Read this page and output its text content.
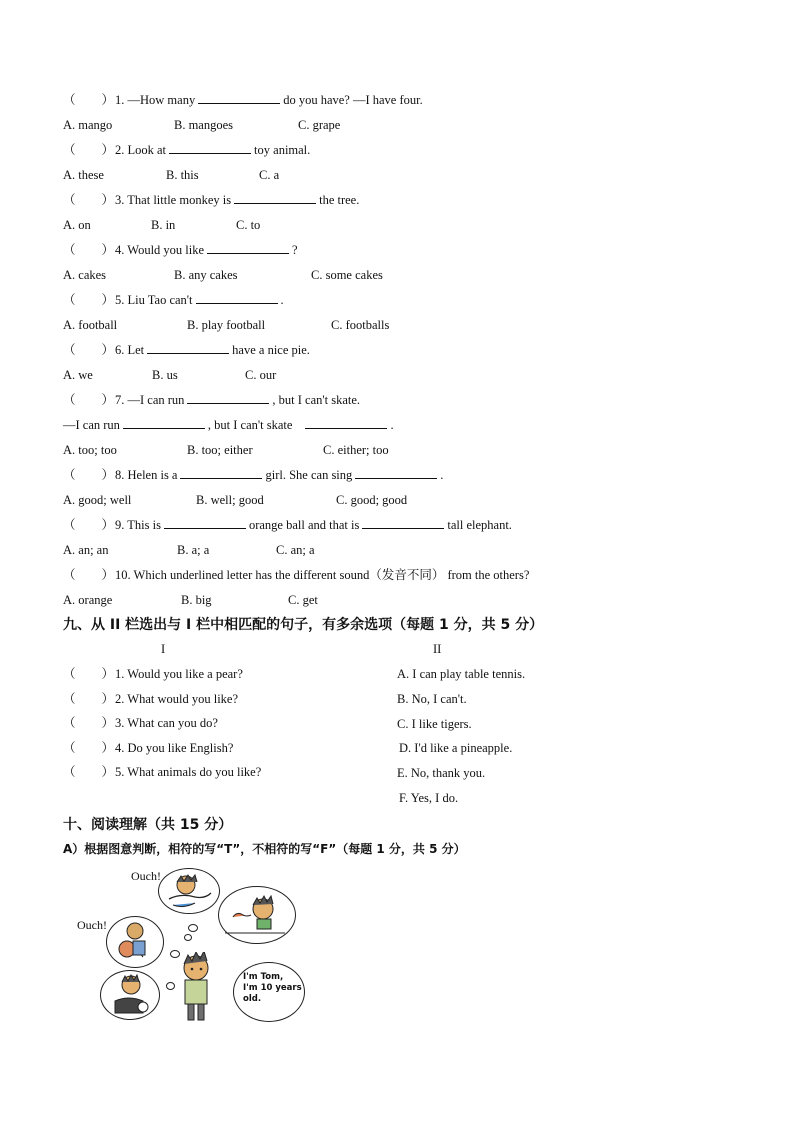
（ ）1. —How many	do you have? —I have four.
A. mango	B. mangoes	C. grape
（ ）2. Look at	toy animal.
A. these	B. this	C. a
（ ）3. That little monkey is	the tree.
A. on	B. in	C. to
（ ）4. Would you like	?
A. cakes	B. any cakes	C. some cakes
（ ）5. Liu Tao can't	.
A. football	B. play football	C. footballs
（ ）6. Let	have a nice pie.
A. we	B. us	C. our
（ ）7. —I can run	, but I can't skate.
—I can run	, but I can't skate	.
A. too; too	B. too; either	C. either; too
（ ）8. Helen is a	girl. She can sing	.
A. good; well	B. well; good	C. good; good
（ ）9. This is	orange ball and that is	tall elephant.
A. an; an	B. a; a	C. an; a
（ ）10. Which underlined letter has the different sound（发音不同） from the others?
A. orange	B. big	C. get
九、从 II 栏选出与 I 栏中相匹配的句子，有多余选项（每题 1 分，共 5 分）
I	II
（ ）1. Would you like a pear?
（ ）2. What would you like?
（ ）3. What can you do?
（ ）4. Do you like English?
（ ）5. What animals do you like?
A. I can play table tennis.
B. No, I can't.
C. I like tigers.
D. I'd like a pineapple.
E. No, thank you.
F. Yes, I do.
十、阅读理解（共 15 分）
A）根据图意判断，相符的写“T”，不相符的写“F”（每题 1 分，共 5 分）
Ouch!
Ouch!
I'm Tom,
I'm 10 years
old.
